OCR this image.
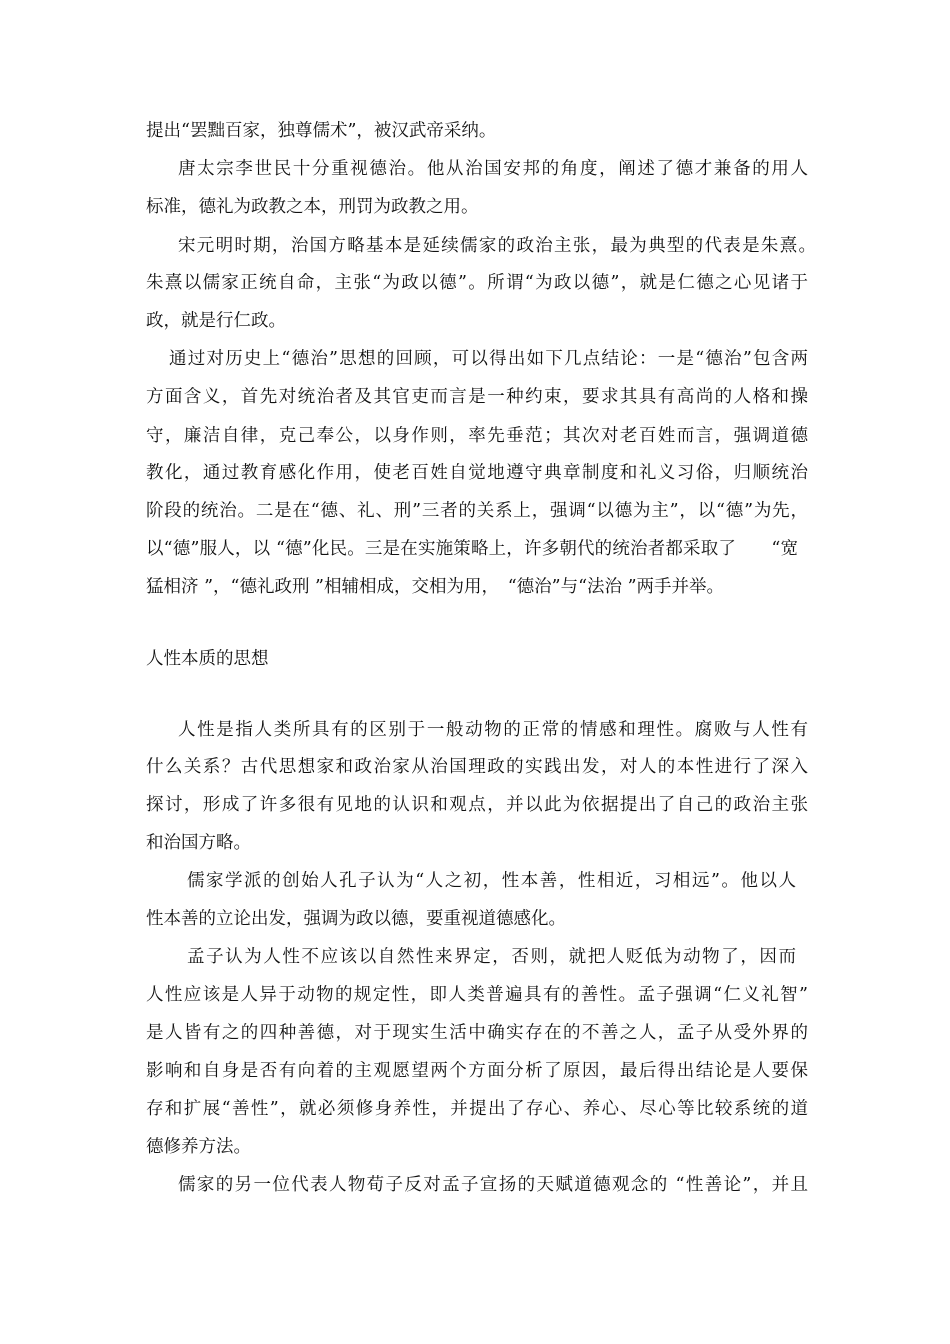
提出“罢黜百家，独尊儒术”，被汉武帝采纳。
唐太宗李世民十分重视德治。他从治国安邦的角度，阐述了德才兼备的用人
标准，德礼为政教之本，刑罚为政教之用。
宋元明时期，治国方略基本是延续儒家的政治主张，最为典型的代表是朱熹。
朱熹以儒家正统自命，主张“为政以德”。所谓“为政以德”，就是仁德之心见诸于
政，就是行仁政。
通过对历史上“德治”思想的回顾，可以得出如下几点结论：一是“德治”包含两
方面含义，首先对统治者及其官吏而言是一种约束，要求其具有高尚的人格和操
守，廉洁自律，克己奉公，以身作则，率先垂范；其次对老百姓而言，强调道德
教化，通过教育感化作用，使老百姓自觉地遵守典章制度和礼义习俗，归顺统治
阶段的统治。二是在“德、礼、刑”三者的关系上，强调“以德为主”，以“德”为先，
以“德”服人，以 “德”化民。三是在实施策略上，许多朝代的统治者都采取了　　“宽
猛相济 ”，“德礼政刑 ”相辅相成，交相为用，　“德治”与“法治 ”两手并举。
人性本质的思想
人性是指人类所具有的区别于一般动物的正常的情感和理性。腐败与人性有
什么关系？古代思想家和政治家从治国理政的实践出发，对人的本性进行了深入
探讨，形成了许多很有见地的认识和观点，并以此为依据提出了自己的政治主张
和治国方略。
儒家学派的创始人孔子认为“人之初，性本善，性相近，习相远”。他以人
性本善的立论出发，强调为政以德，要重视道德感化。
孟子认为人性不应该以自然性来界定，否则，就把人贬低为动物了，因而
人性应该是人异于动物的规定性，即人类普遍具有的善性。孟子强调“仁义礼智”
是人皆有之的四种善德，对于现实生活中确实存在的不善之人，孟子从受外界的
影响和自身是否有向着的主观愿望两个方面分析了原因，最后得出结论是人要保
存和扩展“善性”，就必须修身养性，并提出了存心、养心、尽心等比较系统的道
德修养方法。
儒家的另一位代表人物荀子反对孟子宣扬的天赋道德观念的 “性善论”，并且
